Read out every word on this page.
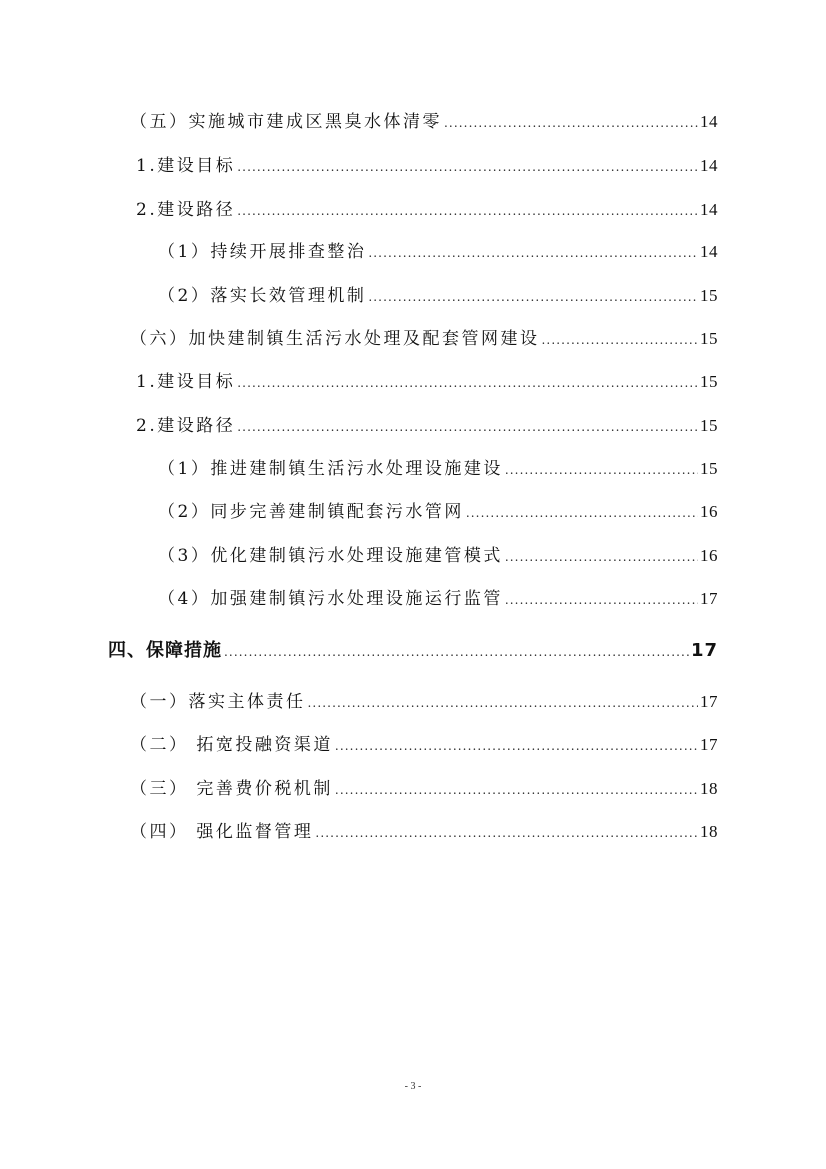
（五）实施城市建成区黑臭水体清零 .....	14
1.建设目标 .....	14
2.建设路径 .....	14
（1）持续开展排查整治 .....	14
（2）落实长效管理机制 .....	15
（六）加快建制镇生活污水处理及配套管网建设 .....	15
1.建设目标 .....	15
2.建设路径 .....	15
（1）推进建制镇生活污水处理设施建设 .....	15
（2）同步完善建制镇配套污水管网 .....	16
（3）优化建制镇污水处理设施建管模式 .....	16
（4）加强建制镇污水处理设施运行监管 .....	17
四、保障措施 .....	17
（一）落实主体责任 .....	17
（二） 拓宽投融资渠道 .....	17
（三） 完善费价税机制 .....	18
（四） 强化监督管理 .....	18
- 3 -
